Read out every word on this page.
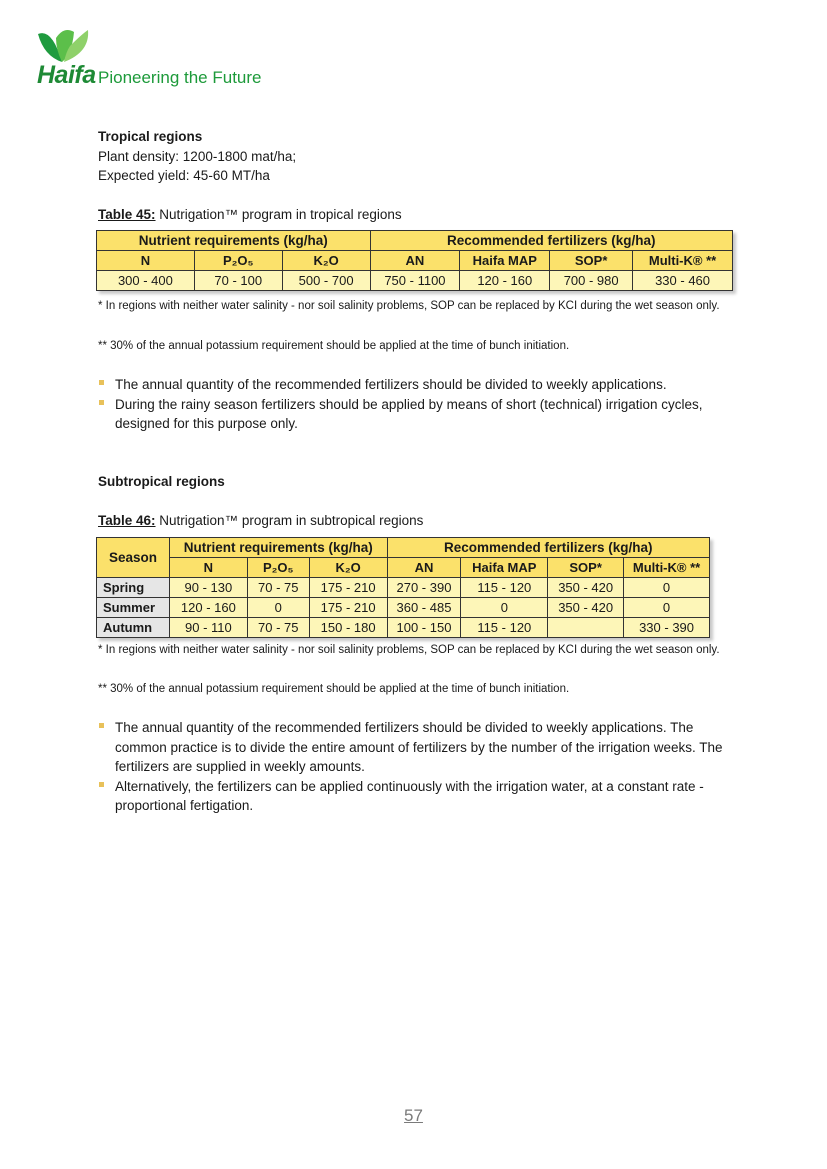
Haifa Pioneering the Future
Tropical regions
Plant density: 1200-1800 mat/ha;
Expected yield: 45-60 MT/ha
Table 45: Nutrigation™ program in tropical regions
Nutrient requirements (kg/ha)			Recommended fertilizers (kg/ha)			
N	P₂O₅	K₂O	AN	Haifa MAP	SOP*	Multi-K® **
300 - 400	70 - 100	500 - 700	750 - 1100	120 - 160	700 - 980	330 - 460
* In regions with neither water salinity - nor soil salinity problems, SOP can be replaced by KCI during the wet season only.
** 30% of the annual potassium requirement should be applied at the time of bunch initiation.
The annual quantity of the recommended fertilizers should be divided to weekly applications.
During the rainy season fertilizers should be applied by means of short (technical) irrigation cycles, designed for this purpose only.
Subtropical regions
Table 46: Nutrigation™ program in subtropical regions
Season	Nutrient requirements (kg/ha)			Recommended fertilizers (kg/ha)			
	N	P₂O₅	K₂O	AN	Haifa MAP	SOP*	Multi-K® **
Spring	90 - 130	70 - 75	175 - 210	270 - 390	115 - 120	350 - 420	0
Summer	120 - 160	0	175 - 210	360 - 485	0	350 - 420	0
Autumn	90 - 110	70 - 75	150 - 180	100 - 150	115 - 120		330 - 390
* In regions with neither water salinity - nor soil salinity problems, SOP can be replaced by KCI during the wet season only.
** 30% of the annual potassium requirement should be applied at the time of bunch initiation.
The annual quantity of the recommended fertilizers should be divided to weekly applications. The common practice is to divide the entire amount of fertilizers by the number of the irrigation weeks. The fertilizers are supplied in weekly amounts.
Alternatively, the fertilizers can be applied continuously with the irrigation water, at a constant rate - proportional fertigation.
57
